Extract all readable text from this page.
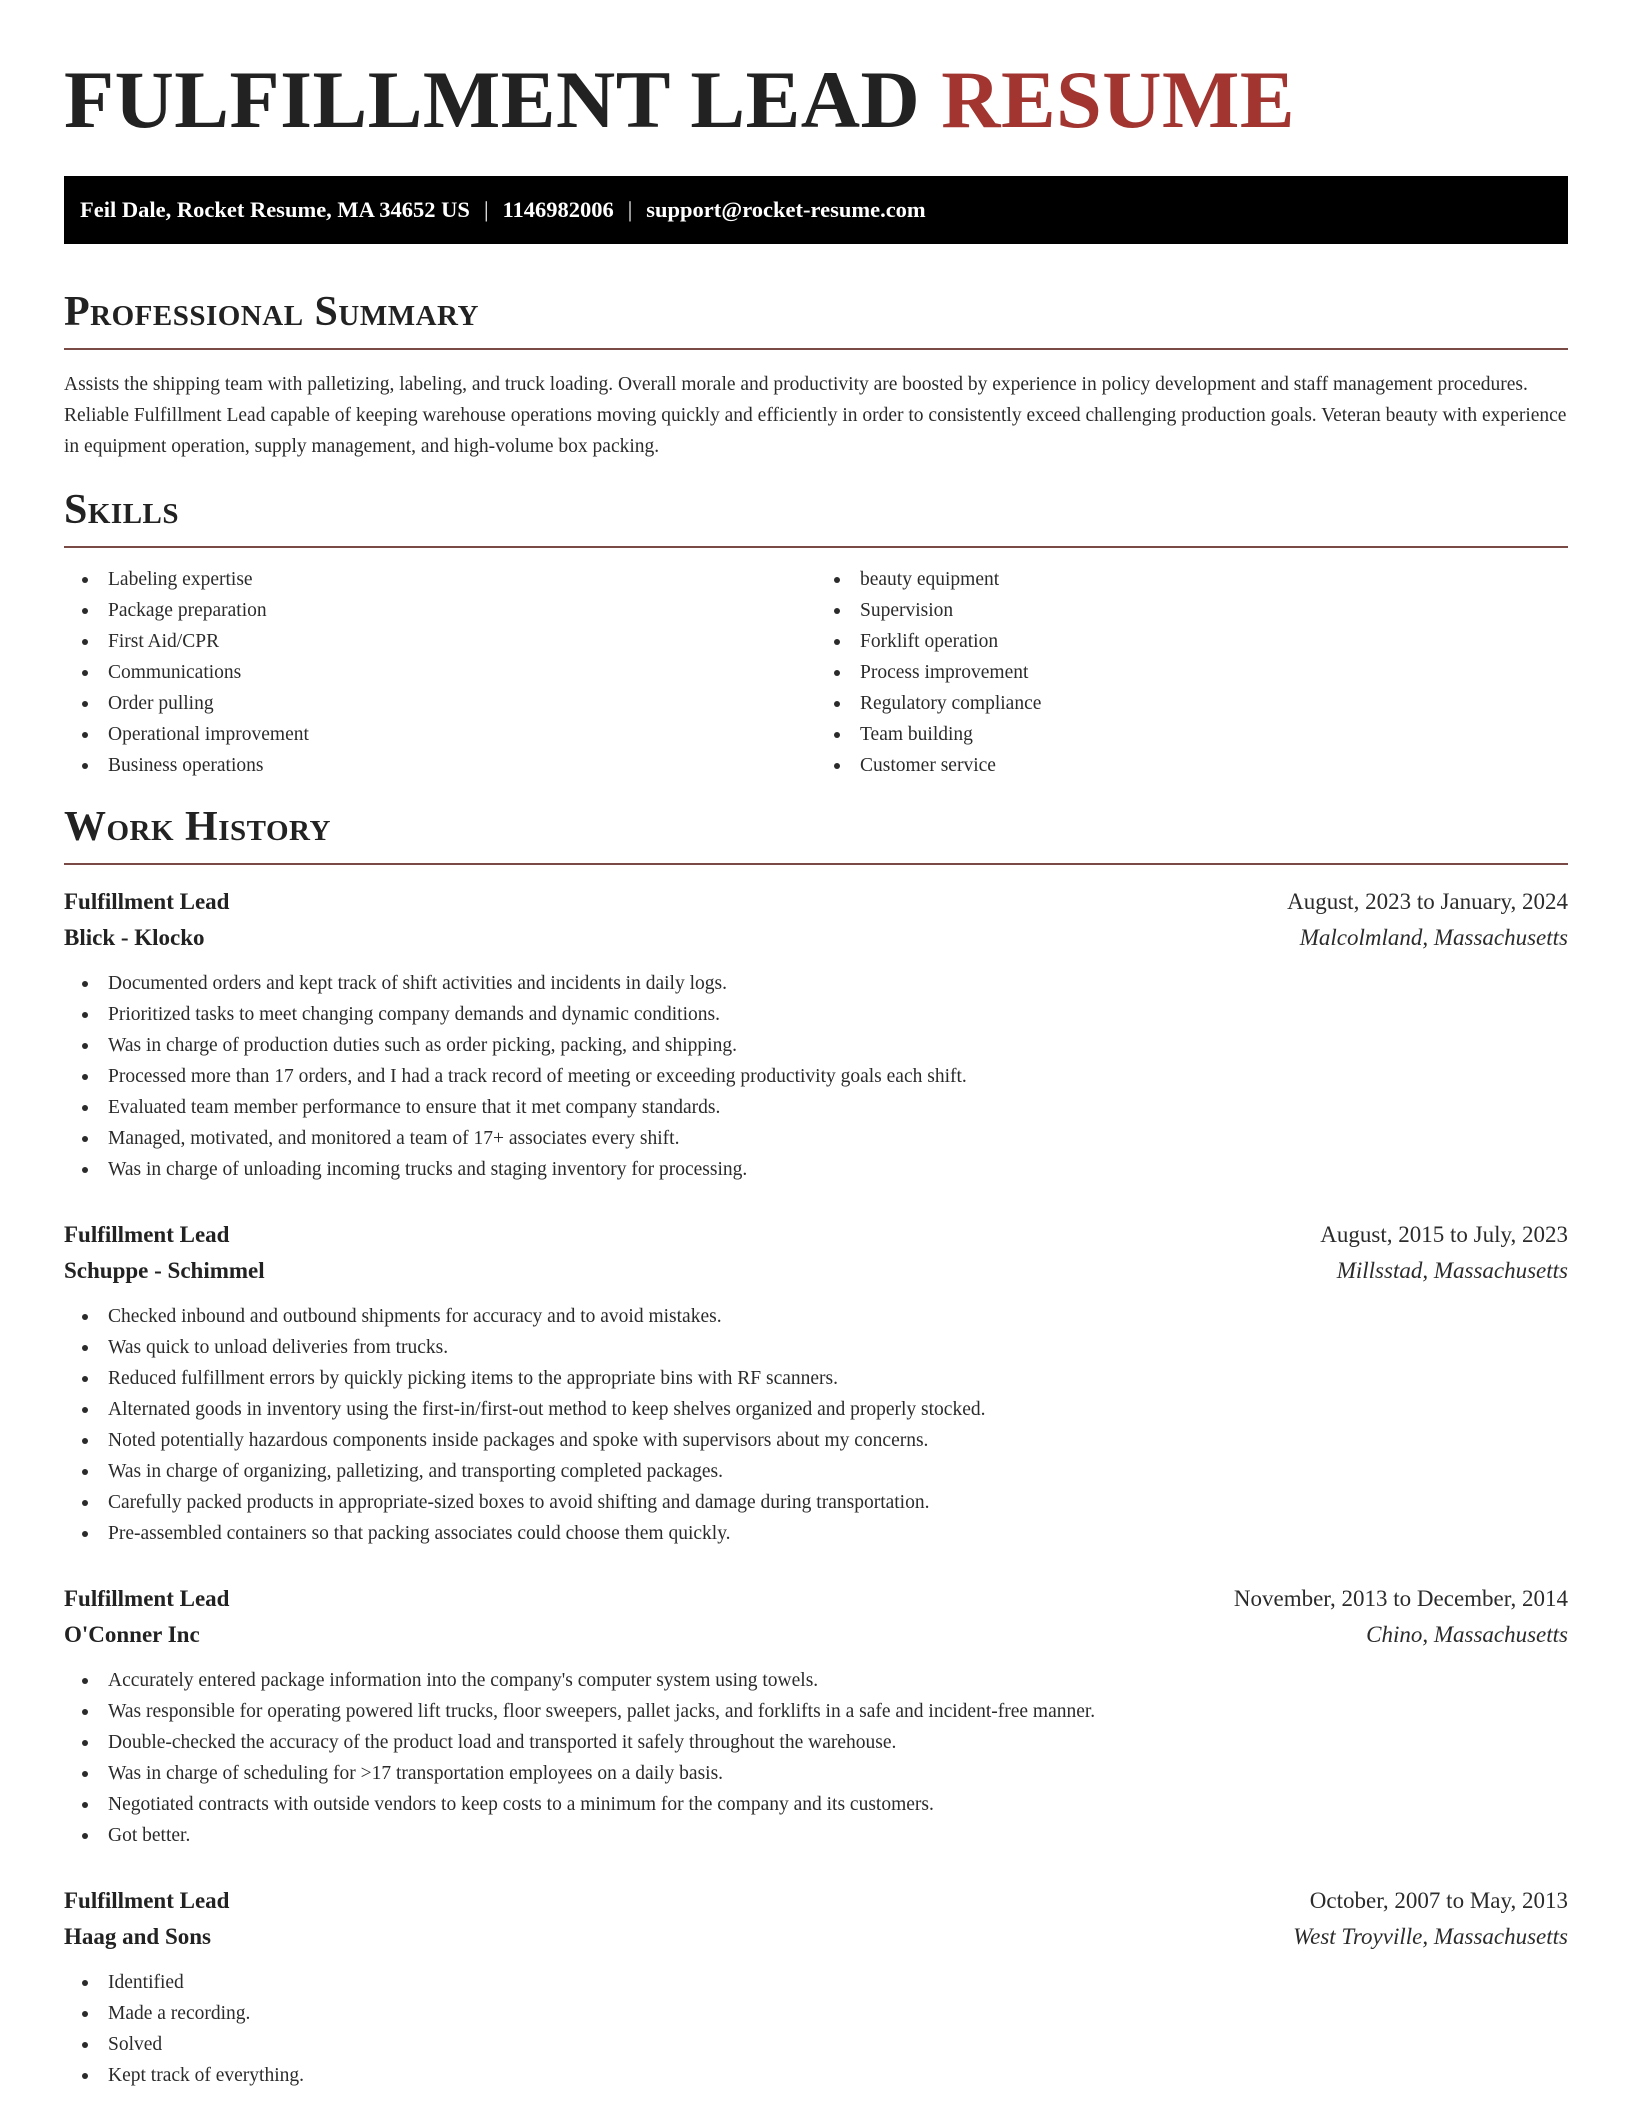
FULFILLMENT LEAD RESUME
Feil Dale, Rocket Resume, MA 34652 US | 1146982006 | support@rocket-resume.com
Professional Summary

Assists the shipping team with palletizing, labeling, and truck loading. Overall morale and productivity are boosted by experience in policy development and staff management procedures. Reliable Fulfillment Lead capable of keeping warehouse operations moving quickly and efficiently in order to consistently exceed challenging production goals. Veteran beauty with experience in equipment operation, supply management, and high-volume box packing.

Skills
Labeling expertise
Package preparation
First Aid/CPR
Communications
Order pulling
Operational improvement
Business operations
beauty equipment
Supervision
Forklift operation
Process improvement
Regulatory compliance
Team building
Customer service
Work History
Fulfillment Lead	August, 2023 to January, 2024
Blick - Klocko	Malcolmland, Massachusetts
Documented orders and kept track of shift activities and incidents in daily logs.
Prioritized tasks to meet changing company demands and dynamic conditions.
Was in charge of production duties such as order picking, packing, and shipping.
Processed more than 17 orders, and I had a track record of meeting or exceeding productivity goals each shift.
Evaluated team member performance to ensure that it met company standards.
Managed, motivated, and monitored a team of 17+ associates every shift.
Was in charge of unloading incoming trucks and staging inventory for processing.
Fulfillment Lead	August, 2015 to July, 2023
Schuppe - Schimmel	Millsstad, Massachusetts
Checked inbound and outbound shipments for accuracy and to avoid mistakes.
Was quick to unload deliveries from trucks.
Reduced fulfillment errors by quickly picking items to the appropriate bins with RF scanners.
Alternated goods in inventory using the first-in/first-out method to keep shelves organized and properly stocked.
Noted potentially hazardous components inside packages and spoke with supervisors about my concerns.
Was in charge of organizing, palletizing, and transporting completed packages.
Carefully packed products in appropriate-sized boxes to avoid shifting and damage during transportation.
Pre-assembled containers so that packing associates could choose them quickly.
Fulfillment Lead	November, 2013 to December, 2014
O'Conner Inc	Chino, Massachusetts
Accurately entered package information into the company's computer system using towels.
Was responsible for operating powered lift trucks, floor sweepers, pallet jacks, and forklifts in a safe and incident-free manner.
Double-checked the accuracy of the product load and transported it safely throughout the warehouse.
Was in charge of scheduling for >17 transportation employees on a daily basis.
Negotiated contracts with outside vendors to keep costs to a minimum for the company and its customers.
Got better.
Fulfillment Lead	October, 2007 to May, 2013
Haag and Sons	West Troyville, Massachusetts
Identified
Made a recording.
Solved
Kept track of everything.
